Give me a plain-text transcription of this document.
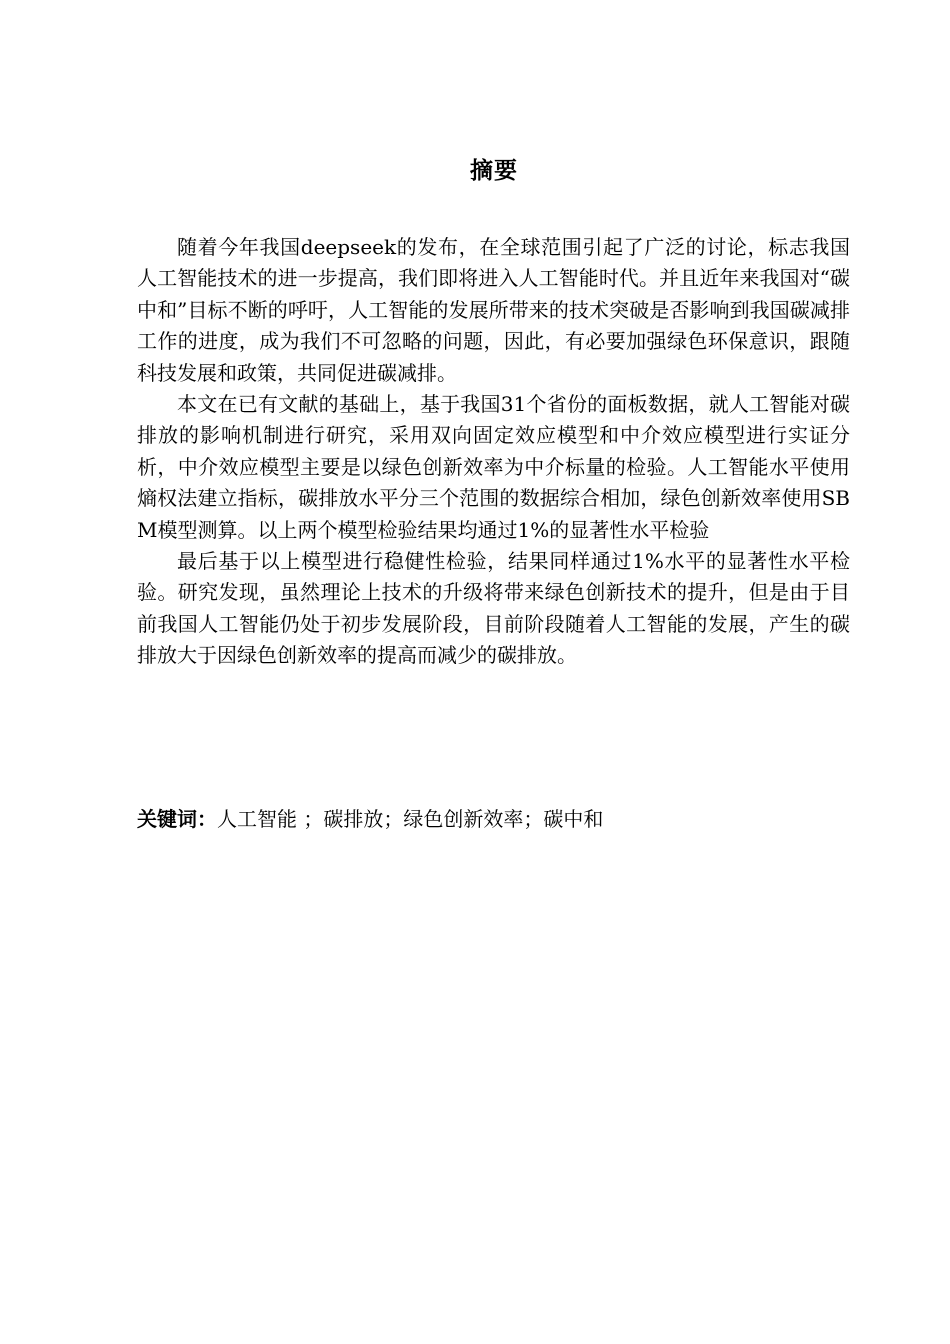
摘要

随着今年我国deepseek的发布，在全球范围引起了广泛的讨论，标志我国人工智能技术的进一步提高，我们即将进入人工智能时代。并且近年来我国对“碳中和”目标不断的呼吁，人工智能的发展所带来的技术突破是否影响到我国碳减排工作的进度，成为我们不可忽略的问题，因此，有必要加强绿色环保意识，跟随科技发展和政策，共同促进碳减排。

本文在已有文献的基础上，基于我国31个省份的面板数据，就人工智能对碳排放的影响机制进行研究，采用双向固定效应模型和中介效应模型进行实证分析，中介效应模型主要是以绿色创新效率为中介标量的检验。人工智能水平使用熵权法建立指标，碳排放水平分三个范围的数据综合相加，绿色创新效率使用SBM模型测算。以上两个模型检验结果均通过1%的显著性水平检验

最后基于以上模型进行稳健性检验，结果同样通过1%水平的显著性水平检验。研究发现，虽然理论上技术的升级将带来绿色创新技术的提升，但是由于目前我国人工智能仍处于初步发展阶段，目前阶段随着人工智能的发展，产生的碳排放大于因绿色创新效率的提高而减少的碳排放。

关键词：人工智能 ；碳排放；绿色创新效率；碳中和
